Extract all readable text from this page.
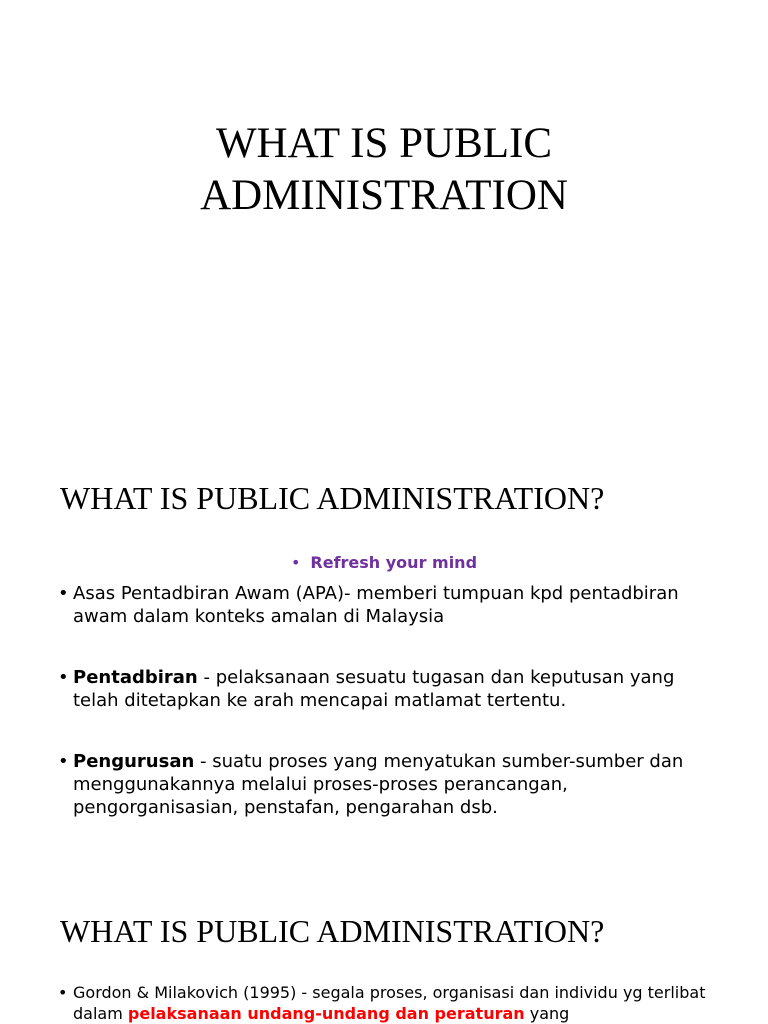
WHAT IS PUBLIC
ADMINISTRATION
WHAT IS PUBLIC ADMINISTRATION?
• Refresh your mind
• Asas Pentadbiran Awam (APA)- memberi tumpuan kpd pentadbiran awam dalam konteks amalan di Malaysia
• Pentadbiran - pelaksanaan sesuatu tugasan dan keputusan yang telah ditetapkan ke arah mencapai matlamat tertentu.
• Pengurusan - suatu proses yang menyatukan sumber-sumber dan menggunakannya melalui proses-proses perancangan, pengorganisasian, penstafan, pengarahan dsb.
WHAT IS PUBLIC ADMINISTRATION?
• Gordon & Milakovich (1995) - segala proses, organisasi dan individu yg terlibat dalam pelaksanaan undang-undang dan peraturan yang
